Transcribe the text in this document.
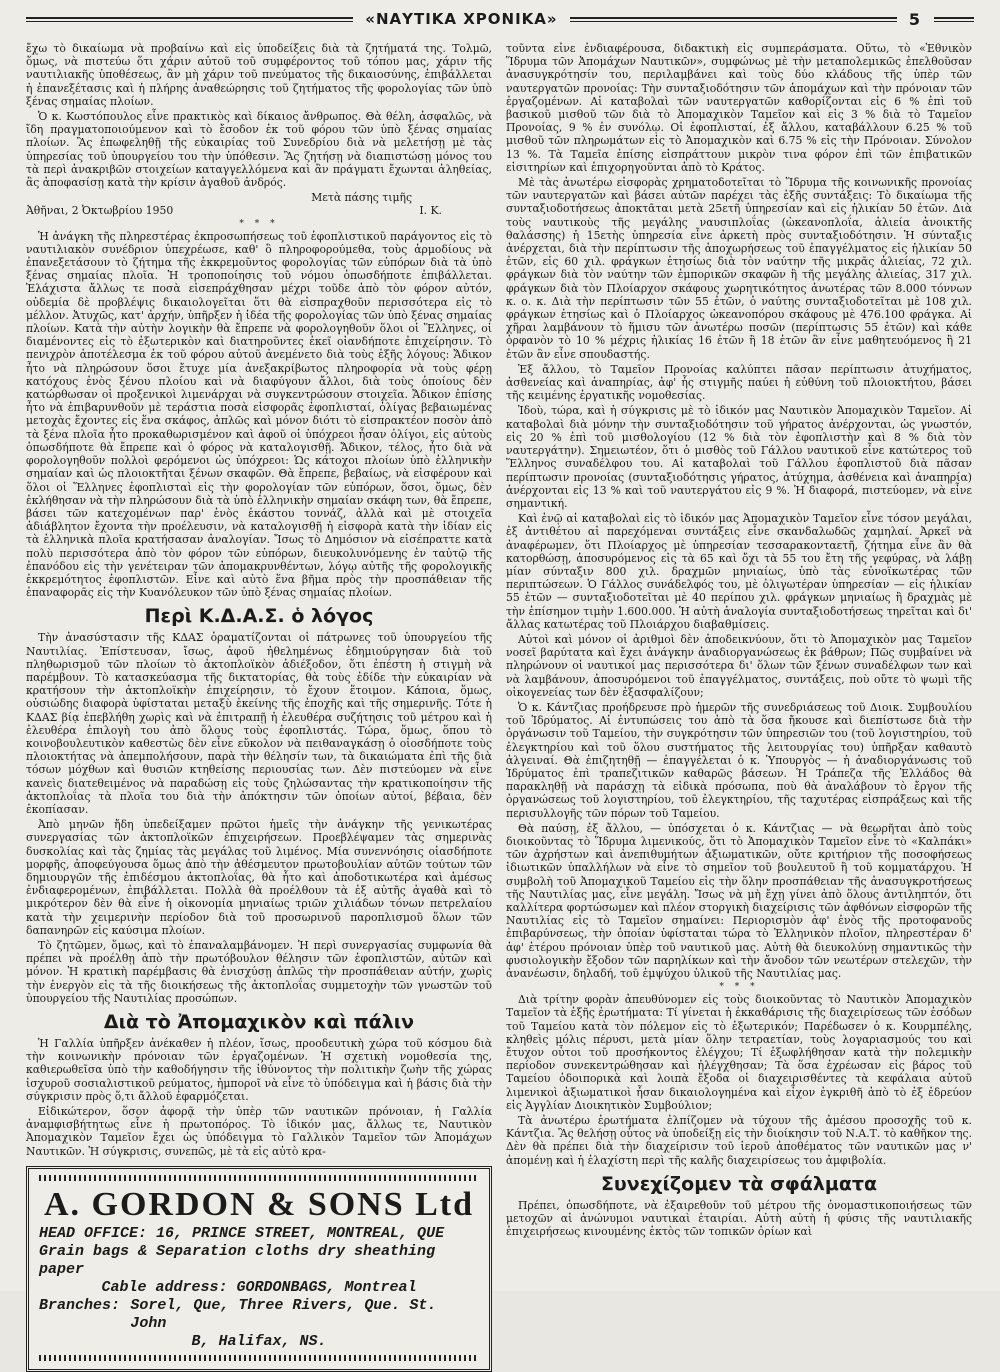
«ΝΑΥΤΙΚΑ ΧΡΟΝΙΚΑ»	5

ἔχω τὸ δικαίωμα νὰ προβαίνω καὶ εἰς ὑποδείξεις διὰ τὰ ζητήματά της. Τολμῶ, ὅμως, νὰ πιστεύω ὅτι χάριν αὐτοῦ τοῦ συμφέροντος τοῦ τόπου μας, χάριν τῆς ναυτιλιακῆς ὑποθέσεως, ἂν μὴ χάριν τοῦ πνεύματος τῆς δικαιοσύνης, ἐπιβάλλεται ἡ ἐπανεξέτασις καὶ ἡ πλήρης ἀναθεώρησις τοῦ ζητήματος τῆς φορολογίας τῶν ὑπὸ ξένας σημαίας πλοίων.

Ὁ κ. Κωστόπουλος εἶνε πρακτικὸς καὶ δίκαιος ἄνθρωπος. Θὰ θέλη, ἀσφαλῶς, νὰ ἴδη πραγματοποιούμενον καὶ τὸ ἔσοδον ἐκ τοῦ φόρου τῶν ὑπὸ ξένας σημαίας πλοίων. Ἂς ἐπωφεληθῇ τῆς εὐκαιρίας τοῦ Συνεδρίου διὰ νὰ μελετήσῃ μὲ τὰς ὑπηρεσίας τοῦ ὑπουργείου του τὴν ὑπόθεσιν. Ἂς ζητήσῃ νὰ διαπιστώσῃ μόνος του τὰ περὶ ἀνακριβῶν στοιχείων καταγγελλόμενα καὶ ἂν πράγματι ἔχωνται ἀληθείας, ἂς ἀποφασίσῃ κατὰ τὴν κρίσιν ἀγαθοῦ ἀνδρός.

Μετὰ πάσης τιμῆς
Ἀθῆναι, 2 Ὀκτωβρίου 1950	Ι. Κ.
* * *

Ἡ ἀνάγκη τῆς πληρεστέρας ἐκπροσωπήσεως τοῦ ἐφοπλιστικοῦ παράγοντος εἰς τὸ ναυτιλιακὸν συνέδριον ὑπεχρέωσε, καθ' ὃ πληροφορούμεθα, τοὺς ἁρμοδίους νὰ ἐπανεξετάσουν τὸ ζήτημα τῆς ἐκκρεμοῦντος φορολογίας τῶν εὐπόρων διὰ τὰ ὑπὸ ξένας σημαίας πλοῖα. Ἡ τροποποίησις τοῦ νόμου ὁπωσδήποτε ἐπιβάλλεται. Ἐλάχιστα ἄλλως τε ποσὰ εἰσεπράχθησαν μέχρι τοῦδε ἀπὸ τὸν φόρον αὐτόν, οὐδεμία δὲ προβλέψις δικαιολογεῖται ὅτι θὰ εἰσπραχθοῦν περισσότερα εἰς τὸ μέλλον. Ἀτυχῶς, κατ' ἀρχήν, ὑπῆρξεν ἡ ἰδέα τῆς φορολογίας τῶν ὑπὸ ξένας σημαίας πλοίων. Κατὰ τὴν αὐτὴν λογικὴν θὰ ἔπρεπε νὰ φορολογηθοῦν ὅλοι οἱ Ἕλληνες, οἱ διαμένοντες εἰς τὸ ἐξωτερικὸν καὶ διατηροῦντες ἐκεῖ οἰανδήποτε ἐπιχείρησιν. Τὸ πενιχρὸν ἀποτέλεσμα ἐκ τοῦ φόρου αὐτοῦ ἀνεμένετο διὰ τοὺς ἑξῆς λόγους: Ἄδικον ἦτο νὰ πληρώσουν ὅσοι ἔτυχε μία ἀνεξακρίβωτος πληροφορία νὰ τοὺς φέρῃ κατόχους ἑνὸς ξένου πλοίου καὶ νὰ διαφύγουν ἄλλοι, διὰ τοὺς ὁποίους δὲν κατώρθωσαν οἱ προξενικοὶ λιμενάρχαι νὰ συγκεντρώσουν στοιχεῖα. Ἄδικον ἐπίσης ἦτο νὰ ἐπιβαρυνθοῦν μὲ τεράστια ποσὰ εἰσφορᾶς ἐφοπλισταί, ὀλίγας βεβαιωμένας μετοχὰς ἔχοντες εἰς ἕνα σκάφος, ἁπλῶς καὶ μόνον διότι τὸ εἰσπρακτέον ποσὸν ἀπὸ τὰ ξένα πλοῖα ἦτο προκαθωρισμένον καὶ ἀφοῦ οἱ ὑπόχρεοι ἦσαν ὀλίγοι, εἰς αὐτοὺς ὁπωσδήποτε θὰ ἔπρεπε καὶ ὁ φόρος νὰ καταλογισθῇ. Ἄδικον, τέλος, ἦτο διὰ νὰ φορολογηθοῦν πολλοὶ φερόμενοι ὡς ὑπόχρεοι: Ὡς κάτοχοι πλοίων ὑπὸ ἑλληνικὴν σημαίαν καὶ ὡς πλοιοκτῆται ξένων σκαφῶν. Θὰ ἔπρεπε, βεβαίως, νὰ εἰσφέρουν καὶ ὅλοι οἱ Ἕλληνες ἐφοπλισταὶ εἰς τὴν φορολογίαν τῶν εὐπόρων, ὅσοι, ὅμως, δὲν ἐκλήθησαν νὰ τὴν πληρώσουν διὰ τὰ ὑπὸ ἑλληνικὴν σημαίαν σκάφη των, θὰ ἔπρεπε, βάσει τῶν κατεχομένων παρ' ἑνὸς ἑκάστου τοννάζ, ἀλλὰ καὶ μὲ στοιχεῖα ἀδιάβλητον ἔχοντα τὴν προέλευσιν, νὰ καταλογισθῇ ἡ εἰσφορὰ κατὰ τὴν ἰδίαν εἰς τὰ ἑλληνικὰ πλοῖα κρατήσασαν ἀναλογίαν. Ἴσως τὸ Δημόσιον νὰ εἰσέπραττε κατὰ πολὺ περισσότερα ἀπὸ τὸν φόρον τῶν εὐπόρων, διευκολυνόμενης ἐν ταὐτῷ τῆς ἐπανόδου εἰς τὴν γενέτειραν τῶν ἀπομακρυνθέντων, λόγῳ αὐτῆς τῆς φορολογικῆς ἐκκρεμότητος ἐφοπλιστῶν. Εἶνε καὶ αὐτὸ ἕνα βῆμα πρὸς τὴν προσπάθειαν τῆς ἐπαναφορᾶς εἰς τὴν Κυανόλευκον τῶν ὑπὸ ξένας σημαίας πλοίων.

Περὶ Κ.Δ.Α.Σ. ὁ λόγος

Τὴν ἀνασύστασιν τῆς ΚΔΑΣ ὁραματίζονται οἱ πάτρωνες τοῦ ὑπουργείου τῆς Ναυτιλίας. Ἐπίστευσαν, ἴσως, ἀφοῦ ἠθελημένως ἐδημιούργησαν διὰ τοῦ πληθωρισμοῦ τῶν πλοίων τὸ ἀκτοπλοϊκὸν ἀδιέξοδον, ὅτι ἐπέστη ἡ στιγμὴ νὰ παρέμβουν. Τὸ κατασκεύασμα τῆς δικτατορίας, θὰ τοὺς ἐδίδε τὴν εὐκαιρίαν νὰ κρατήσουν τὴν ἀκτοπλοϊκὴν ἐπιχείρησιν, τὸ ἔχουν ἕτοιμον. Κάποια, ὅμως, οὐσιώδης διαφορὰ ὑφίσταται μεταξὺ ἐκείνης τῆς ἐποχῆς καὶ τῆς σημερινῆς. Τότε ἡ ΚΔΑΣ βίᾳ ἐπεβλήθη χωρὶς καὶ νὰ ἐπιτραπῇ ἡ ἐλευθέρα συζήτησις τοῦ μέτρου καὶ ἡ ἐλευθέρα ἐπιλογὴ του ἀπὸ ὅλους τοὺς ἐφοπλιστάς. Τώρα, ὅμως, ὅπου τὸ κοινοβουλευτικὸν καθεστὼς δὲν εἶνε εὔκολον νὰ πειθαναγκάσῃ ὁ οἱοσδήποτε τοὺς πλοιοκτήτας νὰ ἀπεμπολήσουν, παρὰ τὴν θέλησίν των, τὰ δικαιώματα ἐπὶ τῆς διὰ τόσων μόχθων καὶ θυσιῶν κτηθείσης περιουσίας των. Δὲν πιστεύομεν νὰ εἶνε κανεὶς διατεθειμένος νὰ παραδώσῃ εἰς τοὺς ζηλώσαντας τὴν κρατικοποίησιν τῆς ἀκτοπλοΐας τὰ πλοῖα του διὰ τὴν ἀπόκτησιν τῶν ὁποίων αὐτοί, βέβαια, δὲν ἐκοπίασαν.

Ἀπὸ μηνῶν ἤδη ὑπεδείξαμεν πρῶτοι ἡμεῖς τὴν ἀνάγκην τῆς γενικωτέρας συνεργασίας τῶν ἀκτοπλοϊκῶν ἐπιχειρήσεων. Προεβλέψαμεν τὰς σημερινὰς δυσκολίας καὶ τὰς ζημίας τὰς μεγάλας τοῦ λιμένος. Μία συνεννόησις οἱασδήποτε μορφῆς, ἀποφεύγουσα ὅμως ἀπὸ τὴν ἀθέσμευτον πρωτοβουλίαν αὐτῶν τούτων τῶν δημιουργῶν τῆς ἐπιδέσμου ἀκτοπλοΐας, θὰ ἦτο καὶ ἀποδοτικωτέρα καὶ ἀμέσως ἐνδιαφερομένων, ἐπιβάλλεται. Πολλὰ θὰ προέλθουν τὰ ἐξ αὐτῆς ἀγαθὰ καὶ τὸ μικρότερον δὲν θὰ εἶνε ἡ οἰκονομία μηνιαίως τριῶν χιλιάδων τόνων πετρελαίου κατὰ τὴν χειμερινὴν περίοδον διὰ τοῦ προσωρινοῦ παροπλισμοῦ ὅλων τῶν δαπανηρῶν εἰς καύσιμα πλοίων.

Τὸ ζητῶμεν, ὅμως, καὶ τὸ ἐπαναλαμβάνομεν. Ἡ περὶ συνεργασίας συμφωνία θὰ πρέπει νὰ προέλθῃ ἀπὸ τὴν πρωτόβουλον θέλησιν τῶν ἐφοπλιστῶν, αὐτῶν καὶ μόνον. Ἡ κρατικὴ παρέμβασις θὰ ἐνισχύσῃ ἁπλῶς τὴν προσπάθειαν αὐτήν, χωρὶς τὴν ἐνεργὸν εἰς τὰ τῆς διοικήσεως τῆς ἀκτοπλοΐας συμμετοχὴν τῶν γνωστῶν τοῦ ὑπουργείου τῆς Ναυτιλίας προσώπων.

Διὰ τὸ Ἀπομαχικὸν καὶ πάλιν

Ἡ Γαλλία ὑπῆρξεν ἀνέκαθεν ἡ πλέον, ἴσως, προοδευτικὴ χώρα τοῦ κόσμου διὰ τὴν κοινωνικὴν πρόνοιαν τῶν ἐργαζομένων. Ἡ σχετικὴ νομοθεσία της, καθιερωθεῖσα ὑπὸ τὴν καθοδήγησιν τῆς ἰθύνοντος τὴν πολιτικὴν ζωὴν τῆς χώρας ἰσχυροῦ σοσιαλιστικοῦ ρεύματος, ἠμποροῖ νὰ εἶνε τὸ ὑπόδειγμα καὶ ἡ βάσις διὰ τὴν σύγκρισιν πρὸς ὅ,τι ἄλλοῦ ἐφαρμόζεται.

Εἰδικώτερον, ὅσον ἀφορᾷ τὴν ὑπὲρ τῶν ναυτικῶν πρόνοιαν, ἡ Γαλλία ἀναμφισβήτητως εἶνε ἡ πρωτοπόρος. Τὸ ἰδικόν μας, ἄλλως τε, Ναυτικὸν Ἀπομαχικὸν Ταμεῖον ἔχει ὡς ὑπόδειγμα τὸ Γαλλικὸν Ταμεῖον τῶν Ἀπομάχων Ναυτικῶν. Ἡ σύγκρισις, συνεπῶς, μὲ τὰ εἰς αὐτὸ κρα-

A. GORDON & SONS Ltd
HEAD OFFICE: 16, PRINCE STREET, MONTREAL, QUE
Grain bags & Separation cloths dry sheathing paper
Cable address: GORDONBAGS, Montreal
Branches: Sorel, Que, Three Rivers, Que. St. John
B, Halifax, NS.

τοῦντα εἶνε ἐνδιαφέρουσα, διδακτικὴ εἰς συμπεράσματα. Οὕτω, τὸ «Ἐθνικὸν Ἵδρυμα τῶν Ἀπομάχων Ναυτικῶν», συμφώνως μὲ τὴν μεταπολεμικῶς ἐπελθοῦσαν ἀνασυγκρότησίν του, περιλαμβάνει καὶ τοὺς δύο κλάδους τῆς ὑπὲρ τῶν ναυτεργατῶν προνοίας: Τὴν συνταξιοδότησιν τῶν ἀπομάχων καὶ τὴν πρόνοιαν τῶν ἐργαζομένων. Αἱ καταβολαὶ τῶν ναυτεργατῶν καθορίζονται εἰς 6 % ἐπὶ τοῦ βασικοῦ μισθοῦ τῶν διὰ τὸ Ἀπομαχικὸν Ταμεῖον καὶ εἰς 3 % διὰ τὸ Ταμεῖον Προνοίας, 9 % ἐν συνόλῳ. Οἱ ἐφοπλισταί, ἐξ ἄλλου, καταβάλλουν 6.25 % τοῦ μισθοῦ τῶν πληρωμάτων εἰς τὸ Ἀπομαχικὸν καὶ 6.75 % εἰς τὴν Πρόνοιαν. Σύνολον 13 %. Τὰ Ταμεῖα ἐπίσης εἰσπράττουν μικρὸν τινα φόρον ἐπὶ τῶν ἐπιβατικῶν εἰσιτηρίων καὶ ἐπιχορηγοῦνται ἀπὸ τὸ Κράτος.

Μὲ τὰς ἀνωτέρω εἰσφορὰς χρηματοδοτεῖται τὸ Ἵδρυμα τῆς κοινωνικῆς προνοίας τῶν ναυτεργατῶν καὶ βάσει αὐτῶν παρέχει τὰς ἑξῆς συντάξεις: Τὸ δικαίωμα τῆς συνταξιοδοτήσεως ἀποκτᾶται μετὰ 25ετῆ ὑπηρεσίαν καὶ εἰς ἡλικίαν 50 ἐτῶν. Διὰ τοὺς ναυτικοὺς τῆς μεγάλης ναυσιπλοΐας (ὠκεανοπλοΐα, ἁλιεία ἀνοικτῆς θαλάσσης) ἡ 15ετὴς ὑπηρεσία εἶνε ἀρκετὴ πρὸς συνταξιοδότησιν. Ἡ σύνταξις ἀνέρχεται, διὰ τὴν περίπτωσιν τῆς ἀποχωρήσεως τοῦ ἐπαγγέλματος εἰς ἡλικίαν 50 ἐτῶν, εἰς 60 χιλ. φράγκων ἐτησίως διὰ τὸν ναύτην τῆς μικρᾶς ἁλιείας, 72 χιλ. φράγκων διὰ τὸν ναύτην τῶν ἐμπορικῶν σκαφῶν ἢ τῆς μεγάλης ἁλιείας, 317 χιλ. φράγκων διὰ τὸν Πλοίαρχον σκάφους χωρητικότητος ἀνωτέρας τῶν 8.000 τόννων κ. ο. κ. Διὰ τὴν περίπτωσιν τῶν 55 ἐτῶν, ὁ ναύτης συνταξιοδοτεῖται μὲ 108 χιλ. φράγκων ἐτησίως καὶ ὁ Πλοίαρχος ὠκεανοπόρου σκάφους μὲ 476.100 φράγκα. Αἱ χῆραι λαμβάνουν τὸ ἥμισυ τῶν ἀνωτέρω ποσῶν (περίπτωσις 55 ἐτῶν) καὶ κάθε ὀρφανὸν τὸ 10 % μέχρις ἡλικίας 16 ἐτῶν ἢ 18 ἐτῶν ἂν εἶνε μαθητευόμενος ἢ 21 ἐτῶν ἂν εἶνε σπουδαστής.

Ἐξ ἄλλου, τὸ Ταμεῖον Προνοίας καλύπτει πᾶσαν περίπτωσιν ἀτυχήματος, ἀσθενείας καὶ ἀναπηρίας, ἀφ' ἧς στιγμῆς παύει ἡ εὐθύνη τοῦ πλοιοκτήτου, βάσει τῆς κειμένης ἐργατικῆς νομοθεσίας.

Ἰδοὺ, τώρα, καὶ ἡ σύγκρισις μὲ τὸ ἰδικόν μας Ναυτικὸν Ἀπομαχικὸν Ταμεῖον. Αἱ καταβολαὶ διὰ μόνην τὴν συνταξιοδότησιν τοῦ γήρατος ἀνέρχονται, ὡς γνωστόν, εἰς 20 % ἐπὶ τοῦ μισθολογίου (12 % διὰ τὸν ἐφοπλιστὴν καὶ 8 % διὰ τὸν ναυτεργάτην). Σημειωτέον, ὅτι ὁ μισθὸς τοῦ Γάλλου ναυτικοῦ εἶνε κατώτερος τοῦ Ἕλληνος συναδέλφου του. Αἱ καταβολαὶ τοῦ Γάλλου ἐφοπλιστοῦ διὰ πᾶσαν περίπτωσιν προνοίας (συνταξιοδότησις γήρατος, ἀτύχημα, ἀσθένεια καὶ ἀναπηρία) ἀνέρχονται εἰς 13 % καὶ τοῦ ναυτεργάτου εἰς 9 %. Ἡ διαφορά, πιστεύομεν, νὰ εἶνε σημαντική.

Καὶ ἐνῷ αἱ καταβολαὶ εἰς τὸ ἰδικόν μας Ἀπομαχικὸν Ταμεῖον εἶνε τόσον μεγάλαι, ἐξ ἀντιθέτου αἱ παρεχόμεναι συντάξεις εἶνε σκανδαλωδῶς χαμηλαί. Ἀρκεῖ νὰ ἀναφέρωμεν, ὅτι Πλοίαρχος μὲ ὑπηρεσίαν τεσσαρακονταετῆ, ζήτημα εἶνε ἂν θὰ κατορθώσῃ, ἀποσυρόμενος εἰς τὰ 65 καὶ ὄχι τὰ 55 του ἔτη τῆς γεφύρας, νὰ λάβῃ μίαν σύνταξιν 800 χιλ. δραχμῶν μηνιαίως, ὑπὸ τὰς εὐνοϊκωτέρας τῶν περιπτώσεων. Ὁ Γάλλος συνάδελφός του, μὲ ὀλιγωτέραν ὑπηρεσίαν — εἰς ἡλικίαν 55 ἐτῶν — συνταξιοδοτεῖται μὲ 40 περίπου χιλ. φράγκων μηνιαίως ἢ δραχμὰς μὲ τὴν ἐπίσημον τιμὴν 1.600.000. Ἡ αὐτὴ ἀναλογία συνταξιοδοτήσεως τηρεῖται καὶ δι' ἄλλας κατωτέρας τοῦ Πλοιάρχου διαβαθμίσεις.

Αὐτοὶ καὶ μόνον οἱ ἀριθμοὶ δὲν ἀποδεικνύουν, ὅτι τὸ Ἀπομαχικὸν μας Ταμεῖον νοσεῖ βαρύτατα καὶ ἔχει ἀνάγκην ἀναδιοργανώσεως ἐκ βάθρων; Πῶς συμβαίνει νὰ πληρώνουν οἱ ναυτικοί μας περισσότερα δι' ὅλων τῶν ξένων συναδέλφων των καὶ νὰ λαμβάνουν, ἀποσυρόμενοι τοῦ ἐπαγγέλματος, συντάξεις, ποὺ οὔτε τὸ ψωμὶ τῆς οἰκογενείας των δὲν ἐξασφαλίζουν;

Ὁ κ. Κάντζιας προήδρευσε πρὸ ἡμερῶν τῆς συνεδριάσεως τοῦ Διοικ. Συμβουλίου τοῦ Ἱδρύματος. Αἱ ἐντυπώσεις του ἀπὸ τὰ ὅσα ἤκουσε καὶ διεπίστωσε διὰ τὴν ὀργάνωσιν τοῦ Ταμείου, τὴν συγκρότησιν τῶν ὑπηρεσιῶν του (τοῦ λογιστηρίου, τοῦ ἐλεγκτηρίου καὶ τοῦ ὅλου συστήματος τῆς λειτουργίας του) ὑπῆρξαν καθαυτὸ ἀλγειναί. Θὰ ἐπιζητηθῇ — ἐπαγγέλεται ὁ κ. Ὑπουργὸς — ἡ ἀναδιοργάνωσις τοῦ Ἱδρύματος ἐπὶ τραπεζιτικῶν καθαρῶς βάσεων. Ἡ Τράπεζα τῆς Ἑλλάδος θὰ παρακληθῇ νὰ παράσχῃ τὰ εἰδικὰ πρόσωπα, ποὺ θὰ ἀναλάβουν τὸ ἔργον τῆς ὀργανώσεως τοῦ λογιστηρίου, τοῦ ἐλεγκτηρίου, τῆς ταχυτέρας εἰσπράξεως καὶ τῆς περισυλλογῆς τῶν πόρων τοῦ Ταμείου.

Θὰ παύσῃ, ἐξ ἄλλου, — ὑπόσχεται ὁ κ. Κάντζιας — νὰ θεωρῆται ἀπὸ τοὺς διοικοῦντας τὸ Ἵδρυμα λιμενικούς, ὅτι τὸ Ἀπομαχικὸν Ταμεῖον εἶνε τὸ «Καλπάκι» τῶν ἀχρήστων καὶ ἀνεπιθυμήτων ἀξιωματικῶν, οὔτε κριτήριον τῆς ποσοφήσεως ἰδιωτικῶν ὑπαλλήλων νὰ εἶνε τὸ σημεῖον τοῦ βουλευτοῦ ἢ τοῦ κομματάρχου. Ἡ συμβολὴ τοῦ Ἀπομαχικοῦ Ταμείου εἰς τὴν ὅλην προσπάθειαν τῆς ἀνασυγκροτήσεως τῆς Ναυτιλίας μας, εἶνε μεγάλη. Ἴσως νὰ μὴ ἔχῃ γίνει ἀπὸ ὅλους ἀντιληπτόν, ὅτι καλλίτερα φορτώσωμεν καὶ πλέον στοργικὴ διαχείρισις τῶν ἀφθόνων εἰσφορῶν τῆς Ναυτιλίας εἰς τὸ Ταμεῖον σημαίνει: Περιορισμὸν ἀφ' ἑνὸς τῆς προτοφανοῦς ἐπιβαρύνσεως, τὴν ὁποίαν ὑφίσταται τώρα τὸ Ἑλληνικὸν πλοῖον, πληρεστέραν δ' ἀφ' ἑτέρου πρόνοιαν ὑπὲρ τοῦ ναυτικοῦ μας. Αὐτὴ θὰ διευκολύνῃ σημαντικῶς τὴν φυσιολογικὴν ἔξοδον τῶν παρηλίκων καὶ τὴν ἄνοδον τῶν νεωτέρων στελεχῶν, τὴν ἀνανέωσιν, δηλαδή, τοῦ ἐμψύχου ὑλικοῦ τῆς Ναυτιλίας μας.

* * *

Διὰ τρίτην φορὰν ἀπευθύνομεν εἰς τοὺς διοικοῦντας τὸ Ναυτικὸν Ἀπομαχικὸν Ταμεῖον τὰ ἑξῆς ἐρωτήματα: Τί γίνεται ἡ ἐκκαθάρισις τῆς διαχειρίσεως τῶν ἐσόδων τοῦ Ταμείου κατὰ τὸν πόλεμον εἰς τὸ ἐξωτερικόν; Παρέδωσεν ὁ κ. Κουρμπέλης, κληθεὶς μόλις πέρυσι, μετὰ μίαν ὅλην τετραετίαν, τοὺς λογαριασμούς του καὶ ἔτυχον οὗτοι τοῦ προσήκοντος ἐλέγχου; Τί ἐξωφλήθησαν κατὰ τὴν πολεμικὴν περίοδον συνεκεντρώθησαν καὶ ἠλέγχθησαν; Τὰ ὅσα ἐχρέωσαν εἰς βάρος τοῦ Ταμείου ὁδοιπορικὰ καὶ λοιπὰ ἔξοδα οἱ διαχειρισθέντες τὰ κεφάλαια αὐτοῦ λιμενικοὶ ἀξιωματικοὶ ἦσαν δικαιολογημένα καὶ εἶχον ἐγκριθῆ ἀπὸ τὸ ἐξ ἐδρεύον εἰς Ἀγγλίαν Διοικητικὸν Συμβούλιον;

Τὰ ἀνωτέρω ἐρωτήματα ἐλπίζομεν νὰ τύχουν τῆς ἀμέσου προσοχῆς τοῦ κ. Κάντζια. Ἂς θελήσῃ οὗτος νὰ ὑποδείξῃ εἰς τὴν διοίκησιν τοῦ Ν.Α.Τ. τὸ καθῆκον της. Δὲν θὰ πρέπει διὰ τὴν διαχείρισιν τοῦ ἱεροῦ ἀποθέματος τῶν ναυτικῶν μας ν' ἀπομένῃ καὶ ἡ ἐλαχίστη περὶ τῆς καλῆς διαχειρίσεως του ἀμφιβολία.

Συνεχίζομεν τὰ σφάλματα

Πρέπει, ὁπωσδήποτε, νὰ ἐξαιρεθοῦν τοῦ μέτρου τῆς ὀνομαστικοποιήσεως τῶν μετοχῶν αἱ ἀνώνυμοι ναυτικαὶ ἑταιρίαι. Αὐτὴ αὐτὴ ἡ φύσις τῆς ναυτιλιακῆς ἐπιχειρήσεως κινουμένης ἐκτὸς τῶν τοπικῶν ὁρίων καὶ
